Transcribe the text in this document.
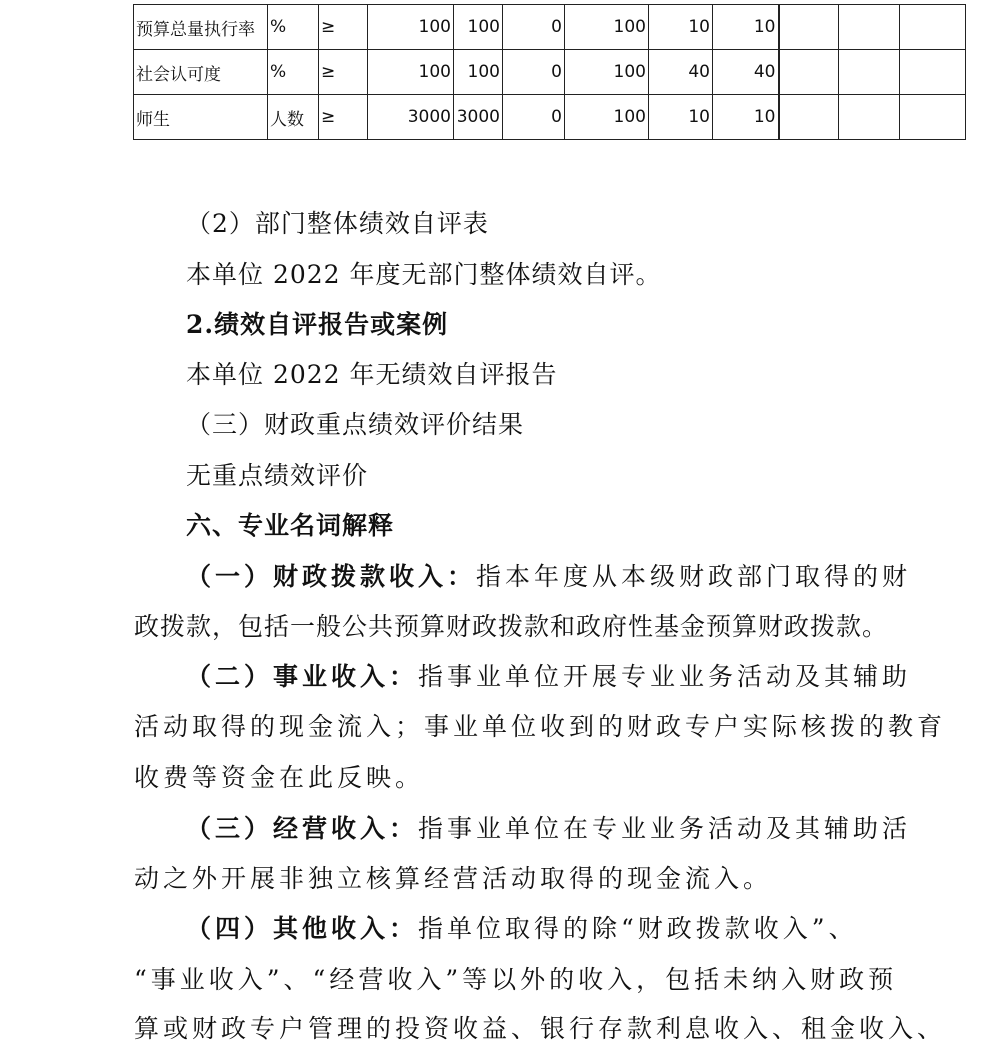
预算总量执行率	%	≥	100	100	0	100	10	10			
社会认可度	%	≥	100	100	0	100	40	40			
师生	人数	≥	3000	3000	0	100	10	10			
（2）部门整体绩效自评表
本单位 2022 年度无部门整体绩效自评。
2.绩效自评报告或案例
本单位 2022 年无绩效自评报告
（三）财政重点绩效评价结果
无重点绩效评价
六、专业名词解释
（一）财政拨款收入：指本年度从本级财政部门取得的财
政拨款，包括一般公共预算财政拨款和政府性基金预算财政拨款。
（二）事业收入：指事业单位开展专业业务活动及其辅助
活动取得的现金流入；事业单位收到的财政专户实际核拨的教育
收费等资金在此反映。
（三）经营收入：指事业单位在专业业务活动及其辅助活
动之外开展非独立核算经营活动取得的现金流入。
（四）其他收入：指单位取得的除“财政拨款收入”、
“事业收入”、“经营收入”等以外的收入，包括未纳入财政预
算或财政专户管理的投资收益、银行存款利息收入、租金收入、
